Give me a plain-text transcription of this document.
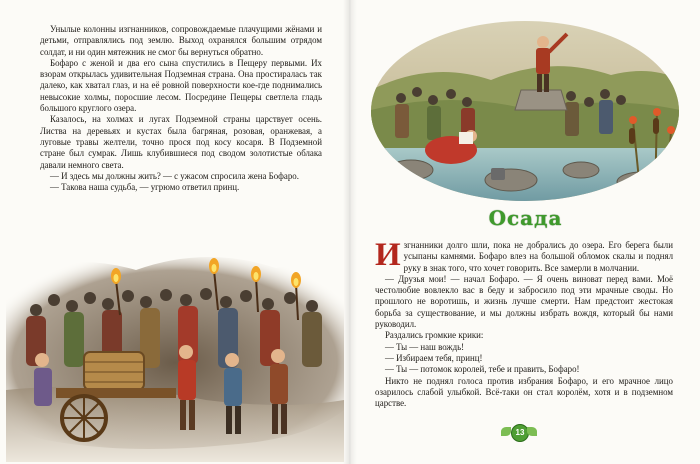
Унылые колонны изгнанников, сопровождаемые плачущими жёнами и детьми, отправлялись под землю. Выход охранялся большим отрядом солдат, и ни один мятежник не смог бы вернуться обратно.

Бофаро с женой и два его сына спустились в Пещеру первыми. Их взорам открылась удивительная Подземная страна. Она простиралась так далеко, как хватал глаз, и на её ровной поверхности кое-где поднимались невысокие холмы, поросшие лесом. Посредине Пещеры светлела гладь большого круглого озера.

Казалось, на холмах и лугах Подземной страны царствует осень. Листва на деревьях и кустах была багряная, розовая, оранжевая, а луговые травы желтели, точно прося под косу косаря. В Подземной стране был сумрак. Лишь клубившиеся под сводом золотистые облака давали немного света.

— И здесь мы должны жить? — с ужасом спросила жена Бофаро.

— Такова наша судьба, — угрюмо ответил принц.

Изгнанники долго шли, пока не добрались до озера. Его берега были усыпаны камнями. Бофаро влез на большой обломок скалы и поднял руку в знак того, что хочет говорить. Все замерли в молчании.

— Друзья мои! — начал Бофаро. — Я очень виноват перед вами. Моё честолюбие вовлекло вас в беду и забросило под эти мрачные своды. Но прошлого не воротишь, и жизнь лучше смерти. Нам предстоит жестокая борьба за существование, и мы должны избрать вождя, который бы нами руководил.

Раздались громкие крики:

— Ты — наш вождь!

— Избираем тебя, принц!

— Ты — потомок королей, тебе и править, Бофаро!

Никто не поднял голоса против избрания Бофаро, и его мрачное лицо озарилось слабой улыбкой. Всё-таки он стал королём, хотя и в подземном царстве.

Осада
13
